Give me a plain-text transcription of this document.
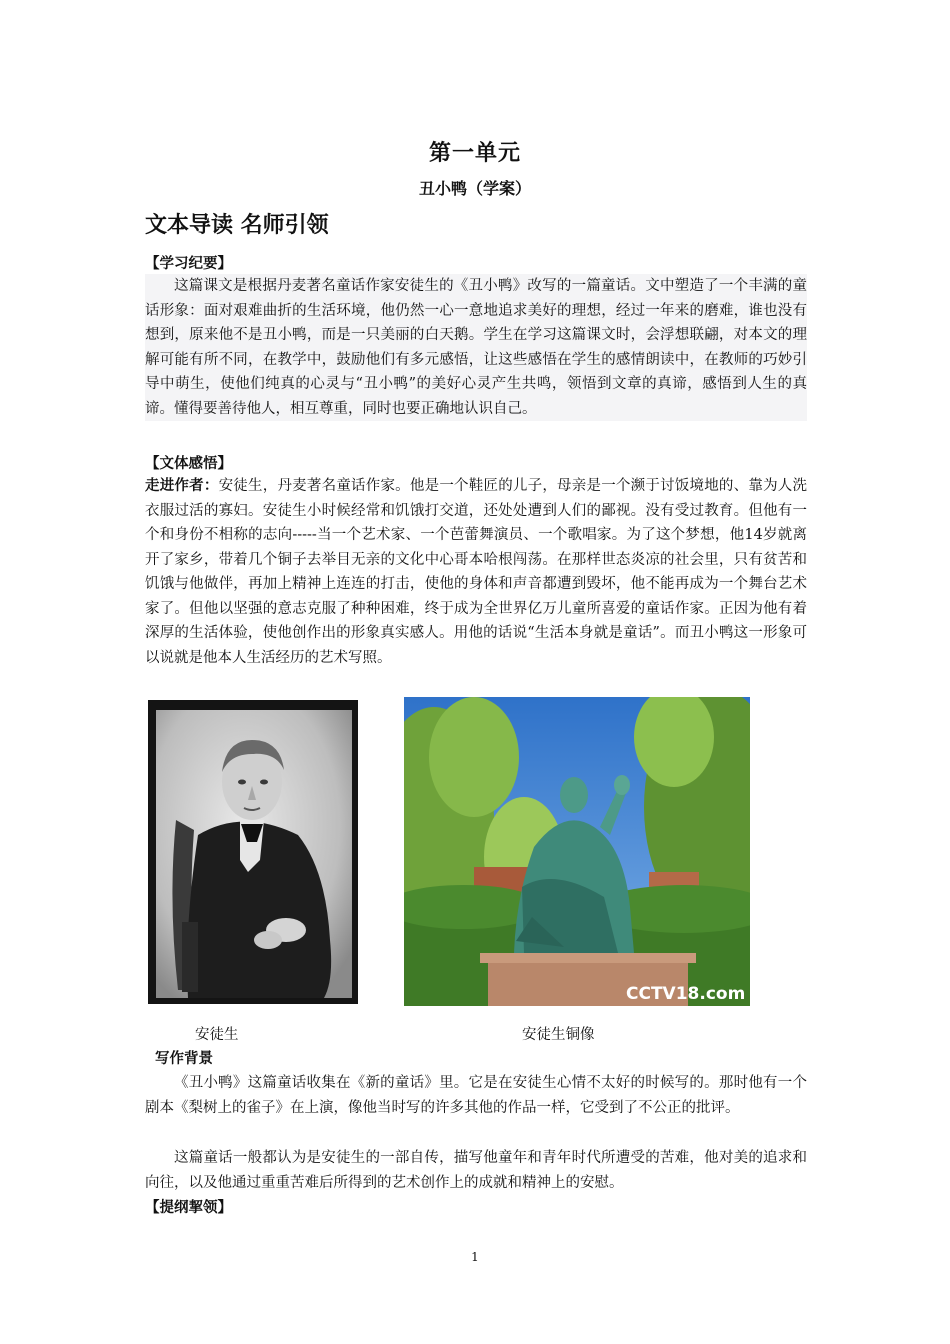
第一单元
丑小鸭（学案）
文本导读 名师引领
【学习纪要】

这篇课文是根据丹麦著名童话作家安徒生的《丑小鸭》改写的一篇童话。文中塑造了一个丰满的童话形象：面对艰难曲折的生活环境，他仍然一心一意地追求美好的理想，经过一年来的磨难，谁也没有想到，原来他不是丑小鸭，而是一只美丽的白天鹅。学生在学习这篇课文时，会浮想联翩，对本文的理解可能有所不同，在教学中，鼓励他们有多元感悟，让这些感悟在学生的感情朗读中，在教师的巧妙引导中萌生，使他们纯真的心灵与“丑小鸭”的美好心灵产生共鸣，领悟到文章的真谛，感悟到人生的真谛。懂得要善待他人，相互尊重，同时也要正确地认识自己。

【文体感悟】

走进作者：安徒生，丹麦著名童话作家。他是一个鞋匠的儿子，母亲是一个濒于讨饭境地的、靠为人洗衣服过活的寡妇。安徒生小时候经常和饥饿打交道，还处处遭到人们的鄙视。没有受过教育。但他有一个和身份不相称的志向-----当一个艺术家、一个芭蕾舞演员、一个歌唱家。为了这个梦想，他14岁就离开了家乡，带着几个铜子去举目无亲的文化中心哥本哈根闯荡。在那样世态炎凉的社会里，只有贫苦和饥饿与他做伴，再加上精神上连连的打击，使他的身体和声音都遭到毁坏，他不能再成为一个舞台艺术家了。但他以坚强的意志克服了种种困难，终于成为全世界亿万儿童所喜爱的童话作家。正因为他有着深厚的生活体验，使他创作出的形象真实感人。用他的话说“生活本身就是童话”。而丑小鸭这一形象可以说就是他本人生活经历的艺术写照。

CCTV18.com
安徒生	安徒生铜像
写作背景

《丑小鸭》这篇童话收集在《新的童话》里。它是在安徒生心情不太好的时候写的。那时他有一个剧本《梨树上的雀子》在上演，像他当时写的许多其他的作品一样，它受到了不公正的批评。

这篇童话一般都认为是安徒生的一部自传，描写他童年和青年时代所遭受的苦难，他对美的追求和向往，以及他通过重重苦难后所得到的艺术创作上的成就和精神上的安慰。

【提纲挈领】
1
